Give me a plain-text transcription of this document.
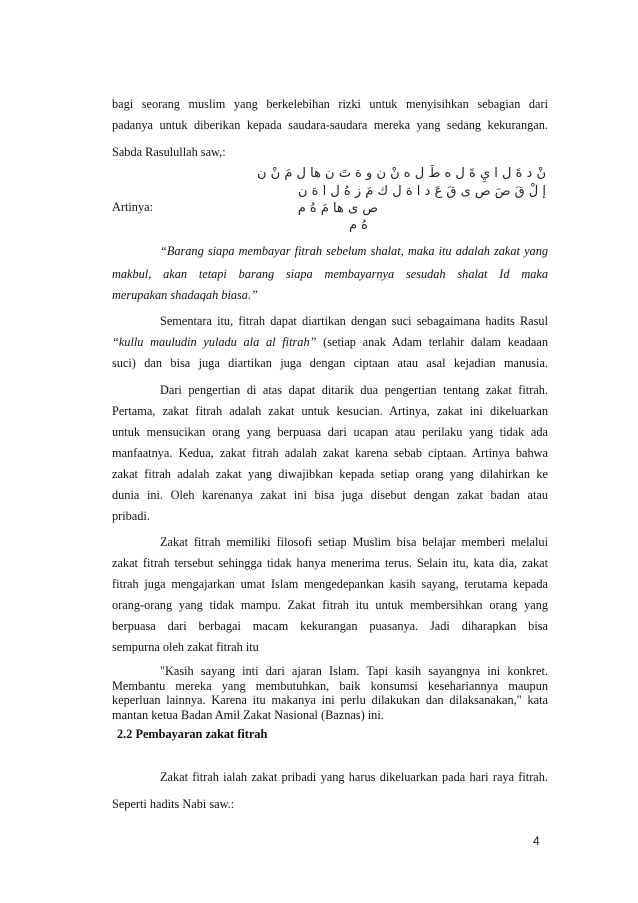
bagi seorang muslim yang berkelebihan rizki untuk menyisihkan sebagian dari
padanya untuk diberikan kepada saudara-saudara mereka yang sedang kekurangan.
Sabda Rasulullah saw,:
نْ د ةَ ل ا يِ ةَ ل ه طَ ل ه نْ ن و ة تَ ن ها ل مَ نْ ن
إ لْ قَ صَ ص ى قَ عَ د ا ة ل ك مَ ز هُ ل ا ة ن
Artinya:	ص ى ها مَ هُ م
هُ م
“Barang siapa membayar fitrah sebelum shalat, maka itu adalah zakat yang
makbul, akan tetapi barang siapa membayarnya sesudah shalat Id maka
merupakan shadaqah biasa.”
Sementara itu, fitrah dapat diartikan dengan suci sebagaimana hadits Rasul
“kullu mauludin yuladu ala al fitrah” (setiap anak Adam terlahir dalam keadaan
suci) dan bisa juga diartikan juga dengan ciptaan atau asal kejadian manusia.
Dari pengertian di atas dapat ditarik dua pengertian tentang zakat fitrah.
Pertama, zakat fitrah adalah zakat untuk kesucian. Artinya, zakat ini dikeluarkan
untuk mensucikan orang yang berpuasa dari ucapan atau perilaku yang tidak ada
manfaatnya. Kedua, zakat fitrah adalah zakat karena sebab ciptaan. Artinya bahwa
zakat fitrah adalah zakat yang diwajibkan kepada setiap orang yang dilahirkan ke
dunia ini. Oleh karenanya zakat ini bisa juga disebut dengan zakat badan atau
pribadi.
Zakat fitrah memiliki filosofi setiap Muslim bisa belajar memberi melalui
zakat fitrah tersebut sehingga tidak hanya menerima terus. Selain itu, kata dia, zakat
fitrah juga mengajarkan umat Islam mengedepankan kasih sayang, terutama kepada
orang-orang yang tidak mampu. Zakat fitrah itu untuk membersihkan orang yang
berpuasa dari berbagai macam kekurangan puasanya. Jadi diharapkan bisa
sempurna oleh zakat fitrah itu
"Kasih sayang inti dari ajaran Islam. Tapi kasih sayangnya ini konkret.
Membantu mereka yang membutuhkan, baik konsumsi kesehariannya maupun keperluan lainnya. Karena itu makanya ini perlu dilakukan dan dilaksanakan," kata mantan ketua Badan Amil Zakat Nasional (Baznas) ini.
2.2 Pembayaran zakat fitrah
Zakat fitrah ialah zakat pribadi yang harus dikeluarkan pada hari raya fitrah.
Seperti hadits Nabi saw.:
4
